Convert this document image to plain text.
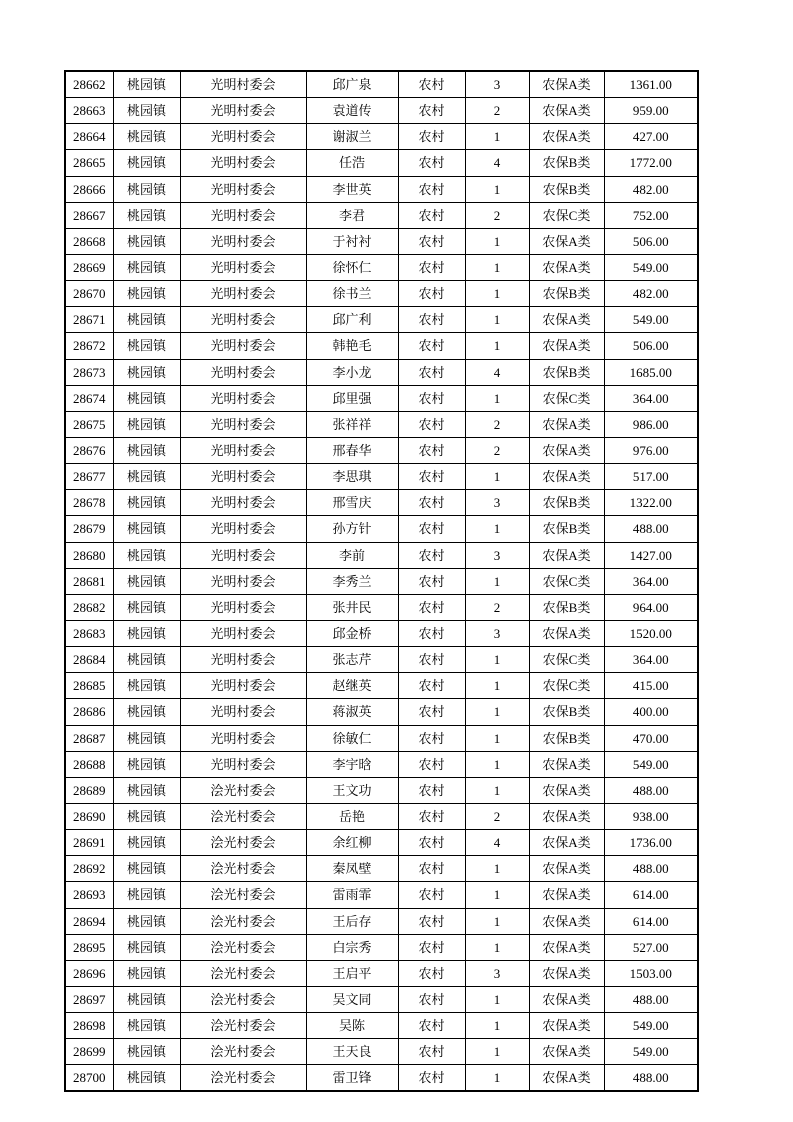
28662	桃园镇	光明村委会	邱广泉	农村	3	农保A类	1361.00
28663	桃园镇	光明村委会	袁道传	农村	2	农保A类	959.00
28664	桃园镇	光明村委会	谢淑兰	农村	1	农保A类	427.00
28665	桃园镇	光明村委会	任浩	农村	4	农保B类	1772.00
28666	桃园镇	光明村委会	李世英	农村	1	农保B类	482.00
28667	桃园镇	光明村委会	李君	农村	2	农保C类	752.00
28668	桃园镇	光明村委会	于衬衬	农村	1	农保A类	506.00
28669	桃园镇	光明村委会	徐怀仁	农村	1	农保A类	549.00
28670	桃园镇	光明村委会	徐书兰	农村	1	农保B类	482.00
28671	桃园镇	光明村委会	邱广利	农村	1	农保A类	549.00
28672	桃园镇	光明村委会	韩艳毛	农村	1	农保A类	506.00
28673	桃园镇	光明村委会	李小龙	农村	4	农保B类	1685.00
28674	桃园镇	光明村委会	邱里强	农村	1	农保C类	364.00
28675	桃园镇	光明村委会	张祥祥	农村	2	农保A类	986.00
28676	桃园镇	光明村委会	邢春华	农村	2	农保A类	976.00
28677	桃园镇	光明村委会	李思琪	农村	1	农保A类	517.00
28678	桃园镇	光明村委会	邢雪庆	农村	3	农保B类	1322.00
28679	桃园镇	光明村委会	孙方针	农村	1	农保B类	488.00
28680	桃园镇	光明村委会	李前	农村	3	农保A类	1427.00
28681	桃园镇	光明村委会	李秀兰	农村	1	农保C类	364.00
28682	桃园镇	光明村委会	张井民	农村	2	农保B类	964.00
28683	桃园镇	光明村委会	邱金桥	农村	3	农保A类	1520.00
28684	桃园镇	光明村委会	张志芹	农村	1	农保C类	364.00
28685	桃园镇	光明村委会	赵继英	农村	1	农保C类	415.00
28686	桃园镇	光明村委会	蒋淑英	农村	1	农保B类	400.00
28687	桃园镇	光明村委会	徐敏仁	农村	1	农保B类	470.00
28688	桃园镇	光明村委会	李宇晗	农村	1	农保A类	549.00
28689	桃园镇	浍光村委会	王文功	农村	1	农保A类	488.00
28690	桃园镇	浍光村委会	岳艳	农村	2	农保A类	938.00
28691	桃园镇	浍光村委会	余红柳	农村	4	农保A类	1736.00
28692	桃园镇	浍光村委会	秦凤壁	农村	1	农保A类	488.00
28693	桃园镇	浍光村委会	雷雨霏	农村	1	农保A类	614.00
28694	桃园镇	浍光村委会	王后存	农村	1	农保A类	614.00
28695	桃园镇	浍光村委会	白宗秀	农村	1	农保A类	527.00
28696	桃园镇	浍光村委会	王启平	农村	3	农保A类	1503.00
28697	桃园镇	浍光村委会	吴文同	农村	1	农保A类	488.00
28698	桃园镇	浍光村委会	吴陈	农村	1	农保A类	549.00
28699	桃园镇	浍光村委会	王天良	农村	1	农保A类	549.00
28700	桃园镇	浍光村委会	雷卫锋	农村	1	农保A类	488.00
